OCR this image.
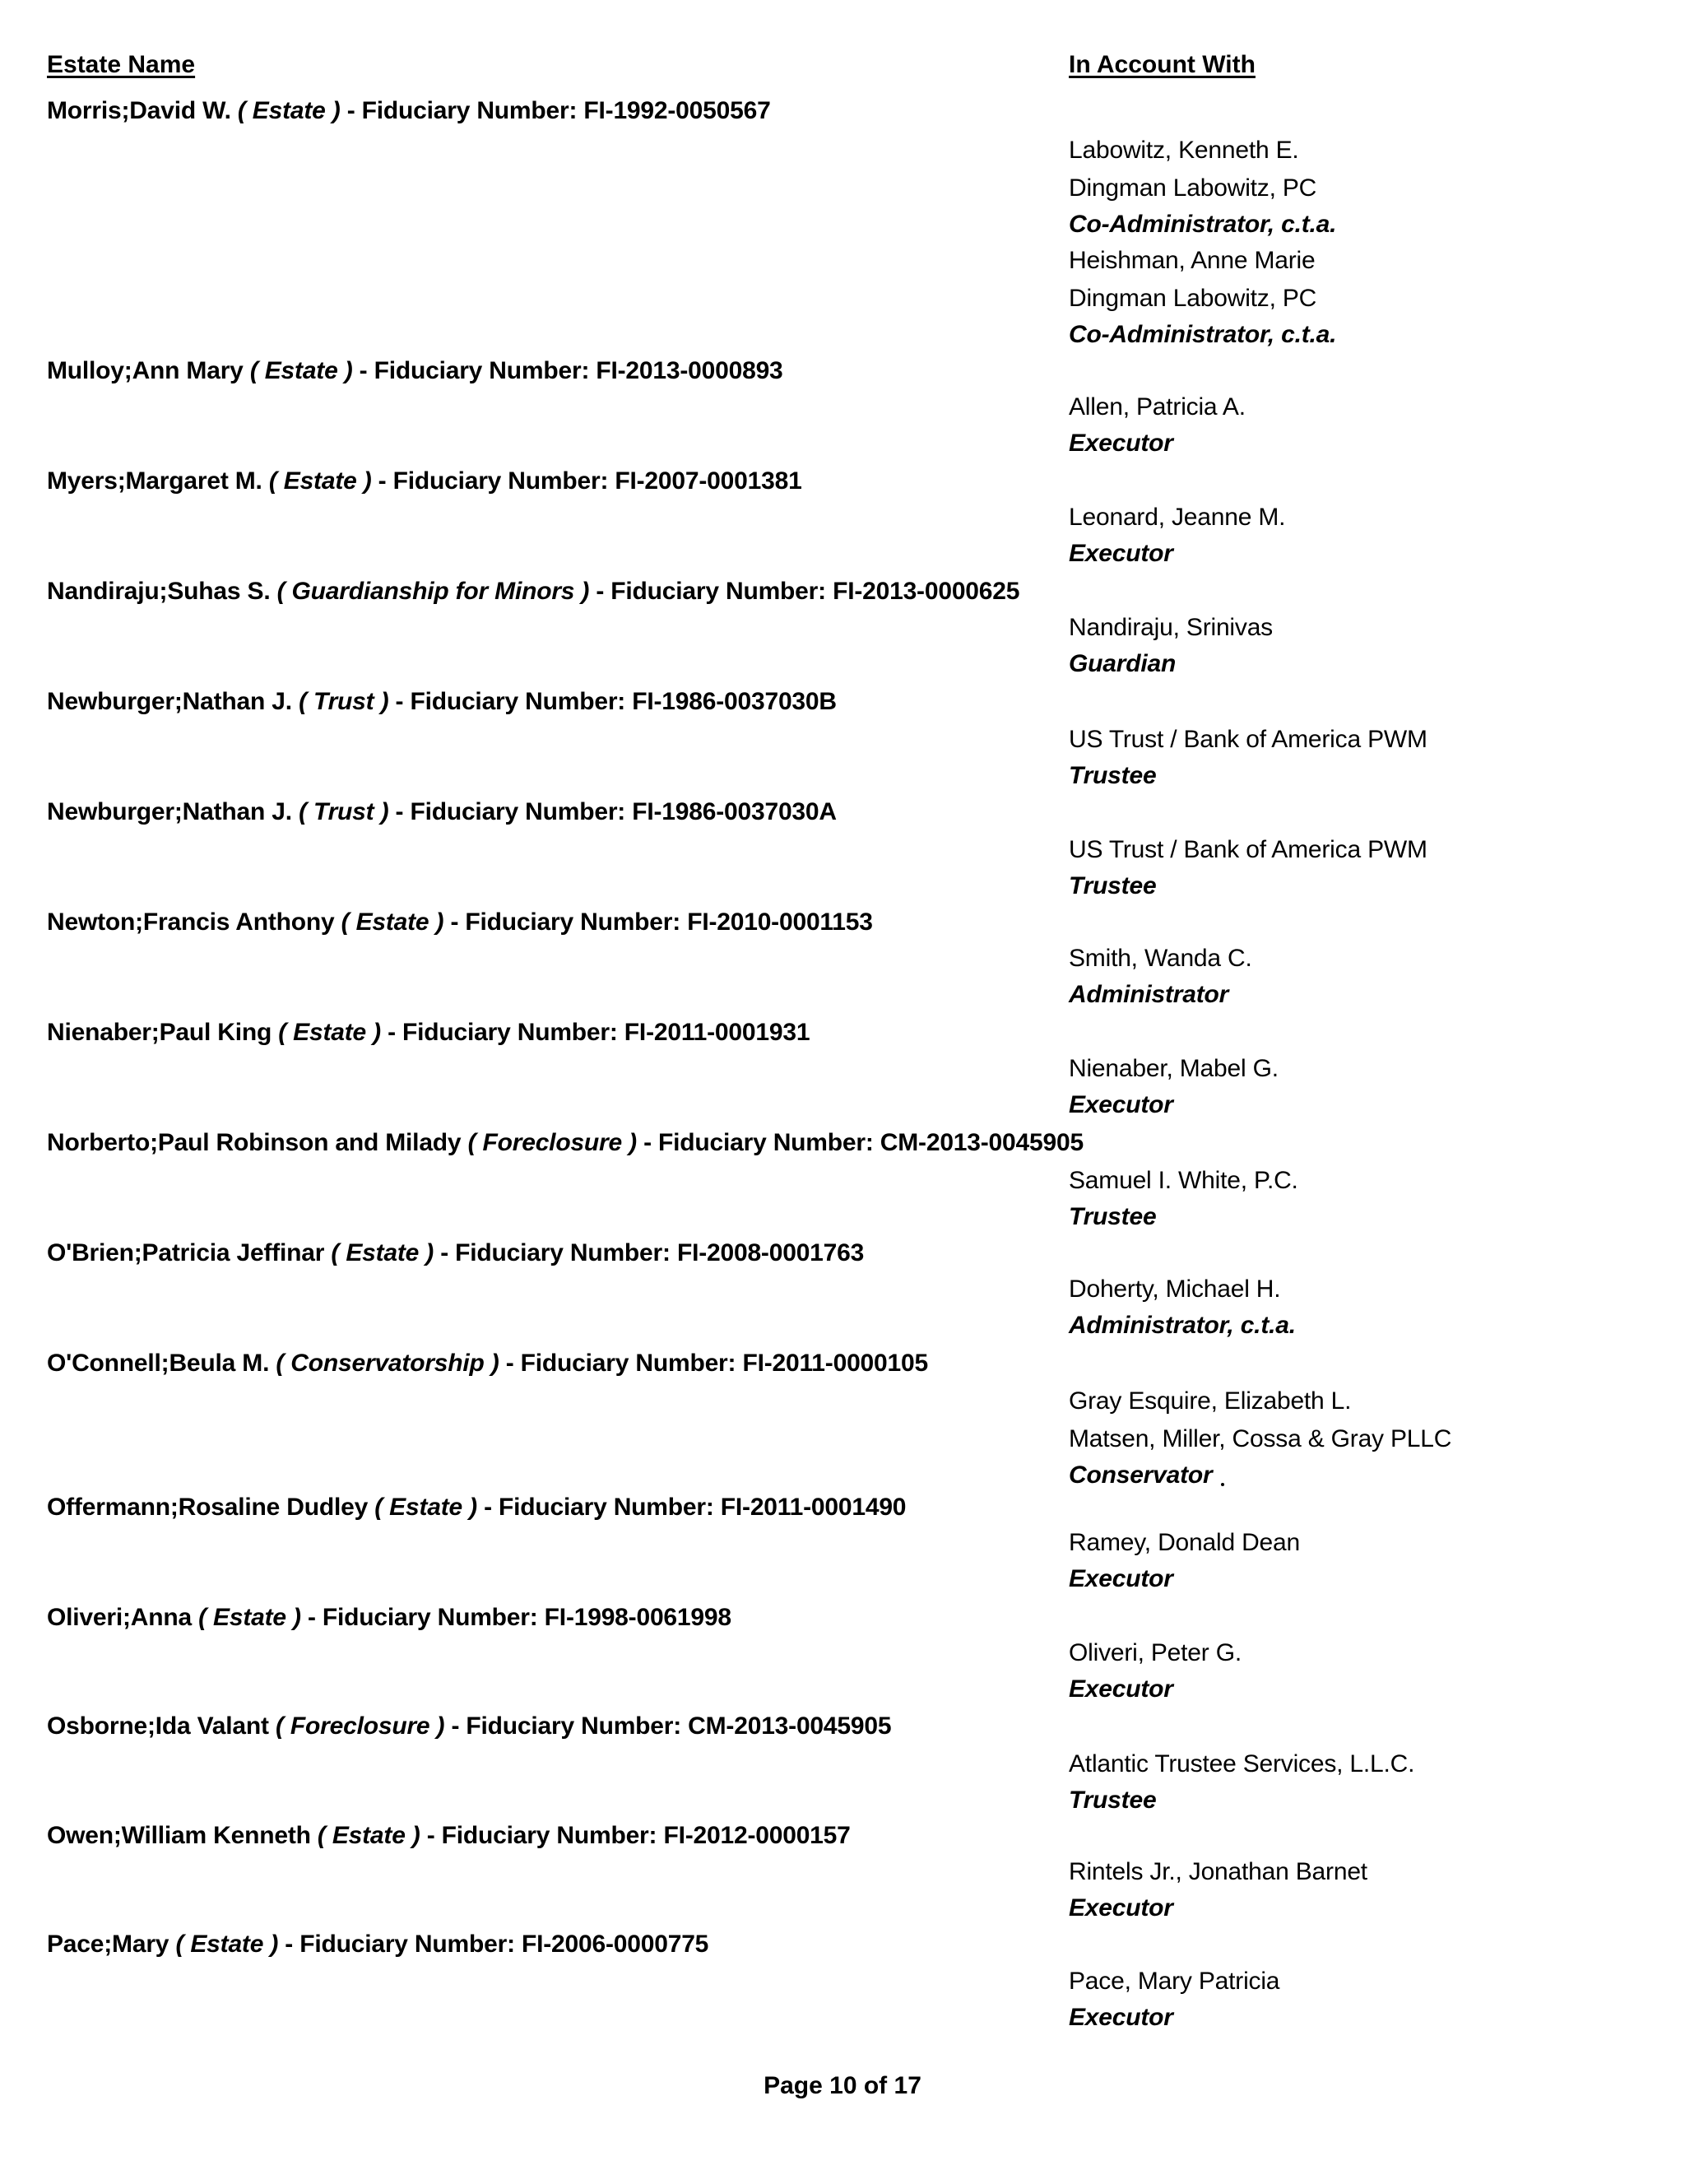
Estate Name	In Account With
Morris;David W. ( Estate ) - Fiduciary Number: FI-1992-0050567
Labowitz, Kenneth E.
Dingman Labowitz, PC
Co-Administrator, c.t.a.
Heishman, Anne Marie
Dingman Labowitz, PC
Co-Administrator, c.t.a.
Mulloy;Ann Mary ( Estate ) - Fiduciary Number: FI-2013-0000893
Allen, Patricia A.
Executor
Myers;Margaret M. ( Estate ) - Fiduciary Number: FI-2007-0001381
Leonard, Jeanne M.
Executor
Nandiraju;Suhas S. ( Guardianship for Minors ) - Fiduciary Number: FI-2013-0000625
Nandiraju, Srinivas
Guardian
Newburger;Nathan J. ( Trust ) - Fiduciary Number: FI-1986-0037030B
US Trust / Bank of America PWM
Trustee
Newburger;Nathan J. ( Trust ) - Fiduciary Number: FI-1986-0037030A
US Trust / Bank of America PWM
Trustee
Newton;Francis Anthony ( Estate ) - Fiduciary Number: FI-2010-0001153
Smith, Wanda C.
Administrator
Nienaber;Paul King ( Estate ) - Fiduciary Number: FI-2011-0001931
Nienaber, Mabel G.
Executor
Norberto;Paul Robinson and Milady ( Foreclosure ) - Fiduciary Number: CM-2013-0045905
Samuel I. White, P.C.
Trustee
O'Brien;Patricia Jeffinar ( Estate ) - Fiduciary Number: FI-2008-0001763
Doherty, Michael H.
Administrator, c.t.a.
O'Connell;Beula M. ( Conservatorship ) - Fiduciary Number: FI-2011-0000105
Gray Esquire, Elizabeth L.
Matsen, Miller, Cossa & Gray PLLC
Conservator
Offermann;Rosaline Dudley ( Estate ) - Fiduciary Number: FI-2011-0001490
Ramey, Donald Dean
Executor
Oliveri;Anna ( Estate ) - Fiduciary Number: FI-1998-0061998
Oliveri, Peter G.
Executor
Osborne;Ida Valant ( Foreclosure ) - Fiduciary Number: CM-2013-0045905
Atlantic Trustee Services, L.L.C.
Trustee
Owen;William Kenneth ( Estate ) - Fiduciary Number: FI-2012-0000157
Rintels Jr., Jonathan Barnet
Executor
Pace;Mary ( Estate ) - Fiduciary Number: FI-2006-0000775
Pace, Mary Patricia
Executor
Page 10 of 17
